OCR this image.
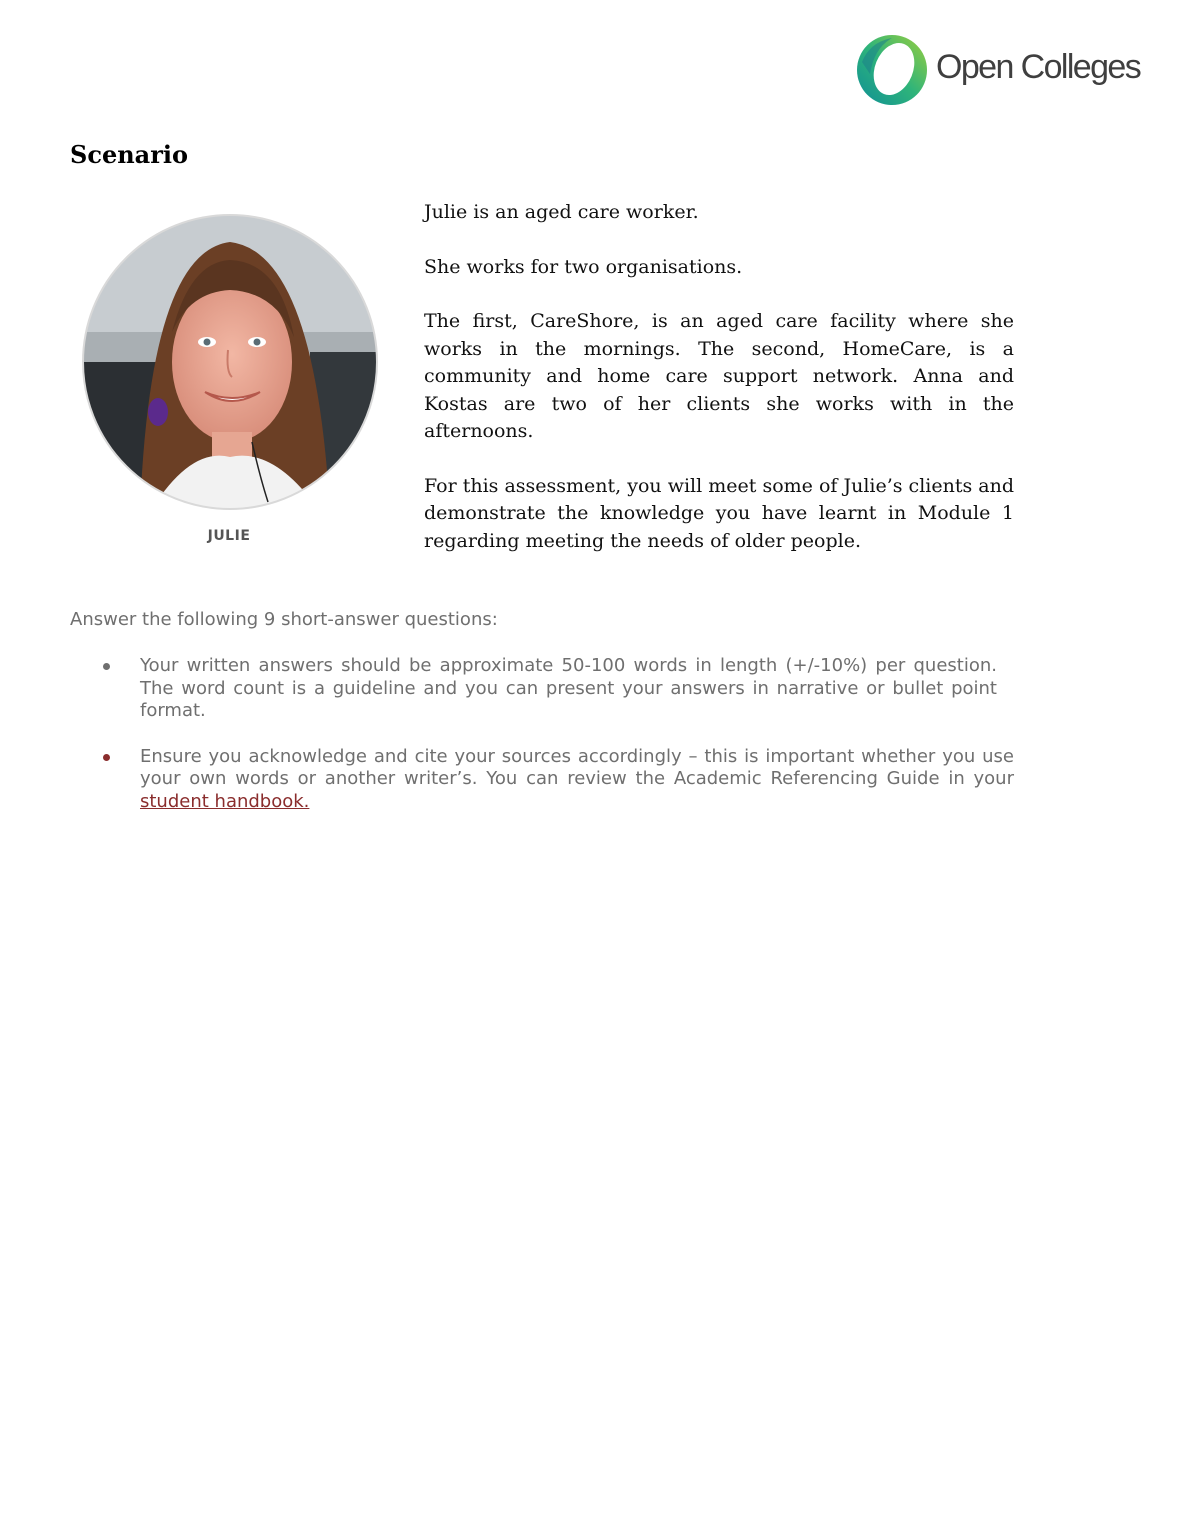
Open Colleges
Scenario
JULIE

Julie is an aged care worker.

She works for two organisations.

The first, CareShore, is an aged care facility where she works in the mornings. The second, HomeCare, is a community and home care support network. Anna and Kostas are two of her clients she works with in the afternoons.

For this assessment, you will meet some of Julie’s clients and demonstrate the knowledge you have learnt in Module 1 regarding meeting the needs of older people.

Answer the following 9 short-answer questions:

Your written answers should be approximate 50-100 words in length (+/-10%) per question. The word count is a guideline and you can present your answers in narrative or bullet point format.
Ensure you acknowledge and cite your sources accordingly – this is important whether you use your own words or another writer’s. You can review the Academic Referencing Guide in your student handbook.
